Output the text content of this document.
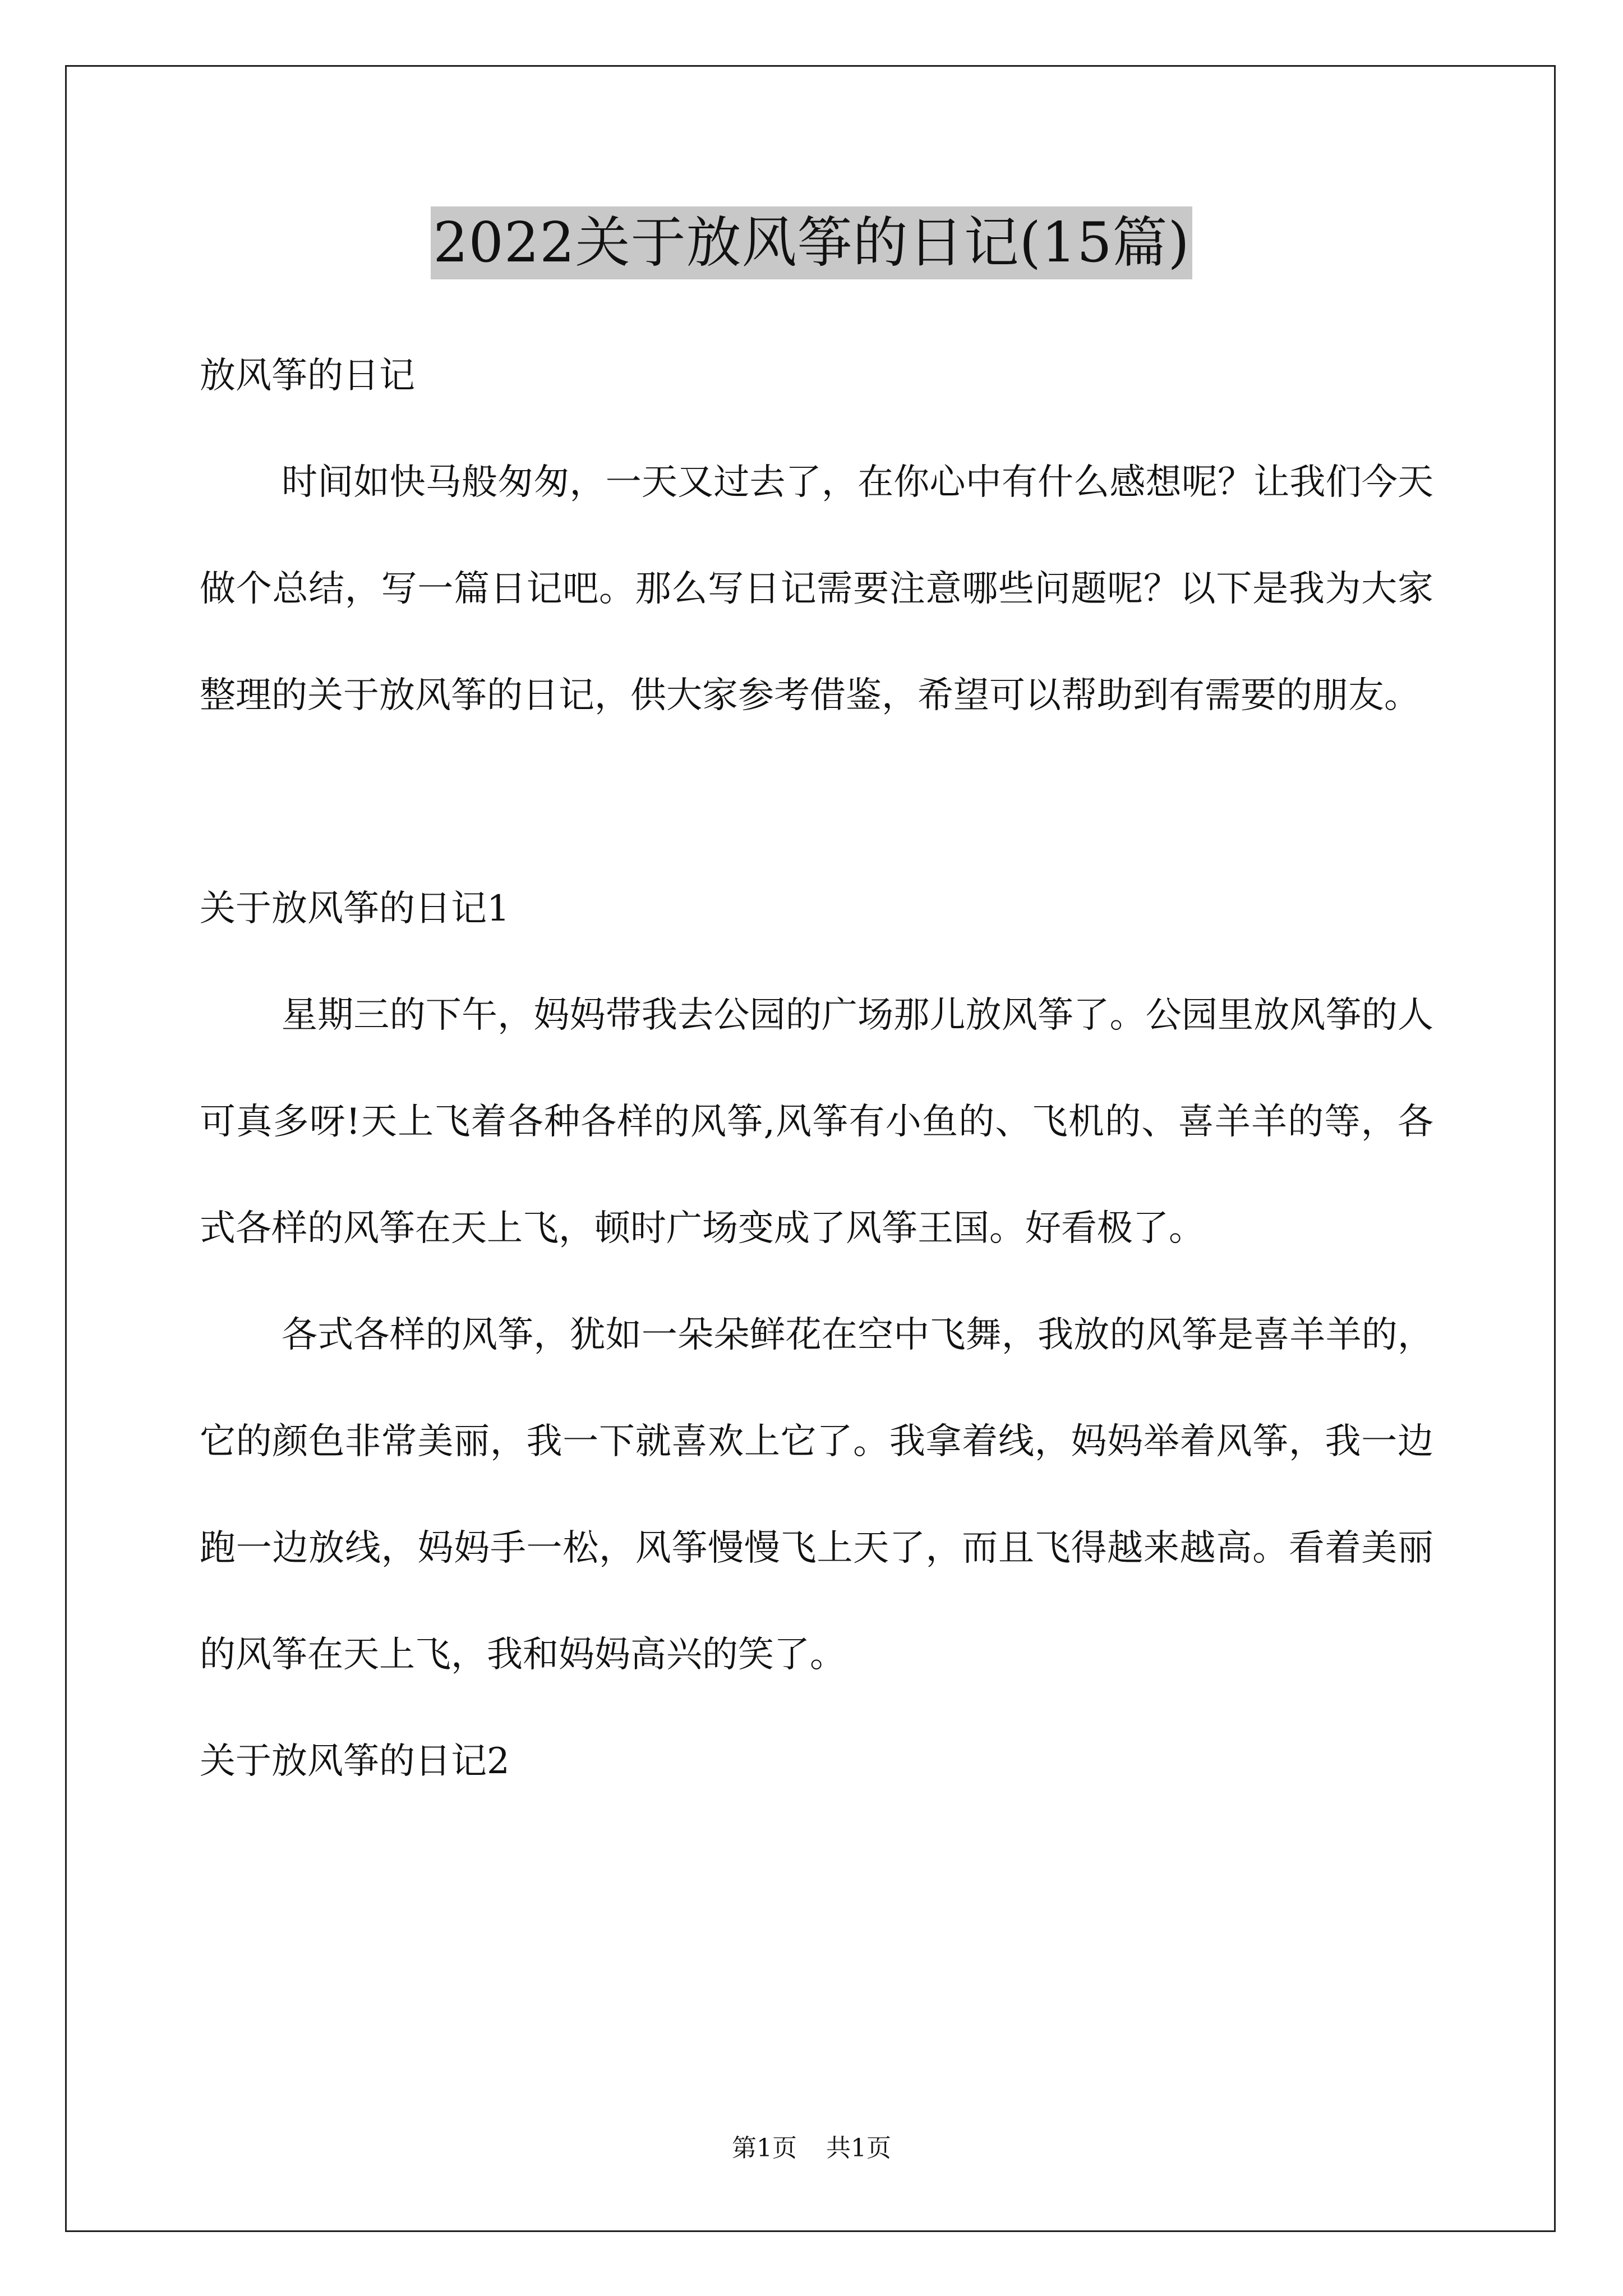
2022关于放风筝的日记(15篇)
放风筝的日记

时间如快马般匆匆，一天又过去了，在你心中有什么感想呢？让我们今天做个总结，写一篇日记吧。那么写日记需要注意哪些问题呢？以下是我为大家整理的关于放风筝的日记，供大家参考借鉴，希望可以帮助到有需要的朋友。

关于放风筝的日记1

星期三的下午，妈妈带我去公园的广场那儿放风筝了。公园里放风筝的人可真多呀!天上飞着各种各样的风筝,风筝有小鱼的、飞机的、喜羊羊的等，各式各样的风筝在天上飞，顿时广场变成了风筝王国。好看极了。

各式各样的风筝，犹如一朵朵鲜花在空中飞舞，我放的风筝是喜羊羊的，它的颜色非常美丽，我一下就喜欢上它了。我拿着线，妈妈举着风筝，我一边跑一边放线，妈妈手一松，风筝慢慢飞上天了，而且飞得越来越高。看着美丽的风筝在天上飞，我和妈妈高兴的笑了。

关于放风筝的日记2
第1页 共1页
